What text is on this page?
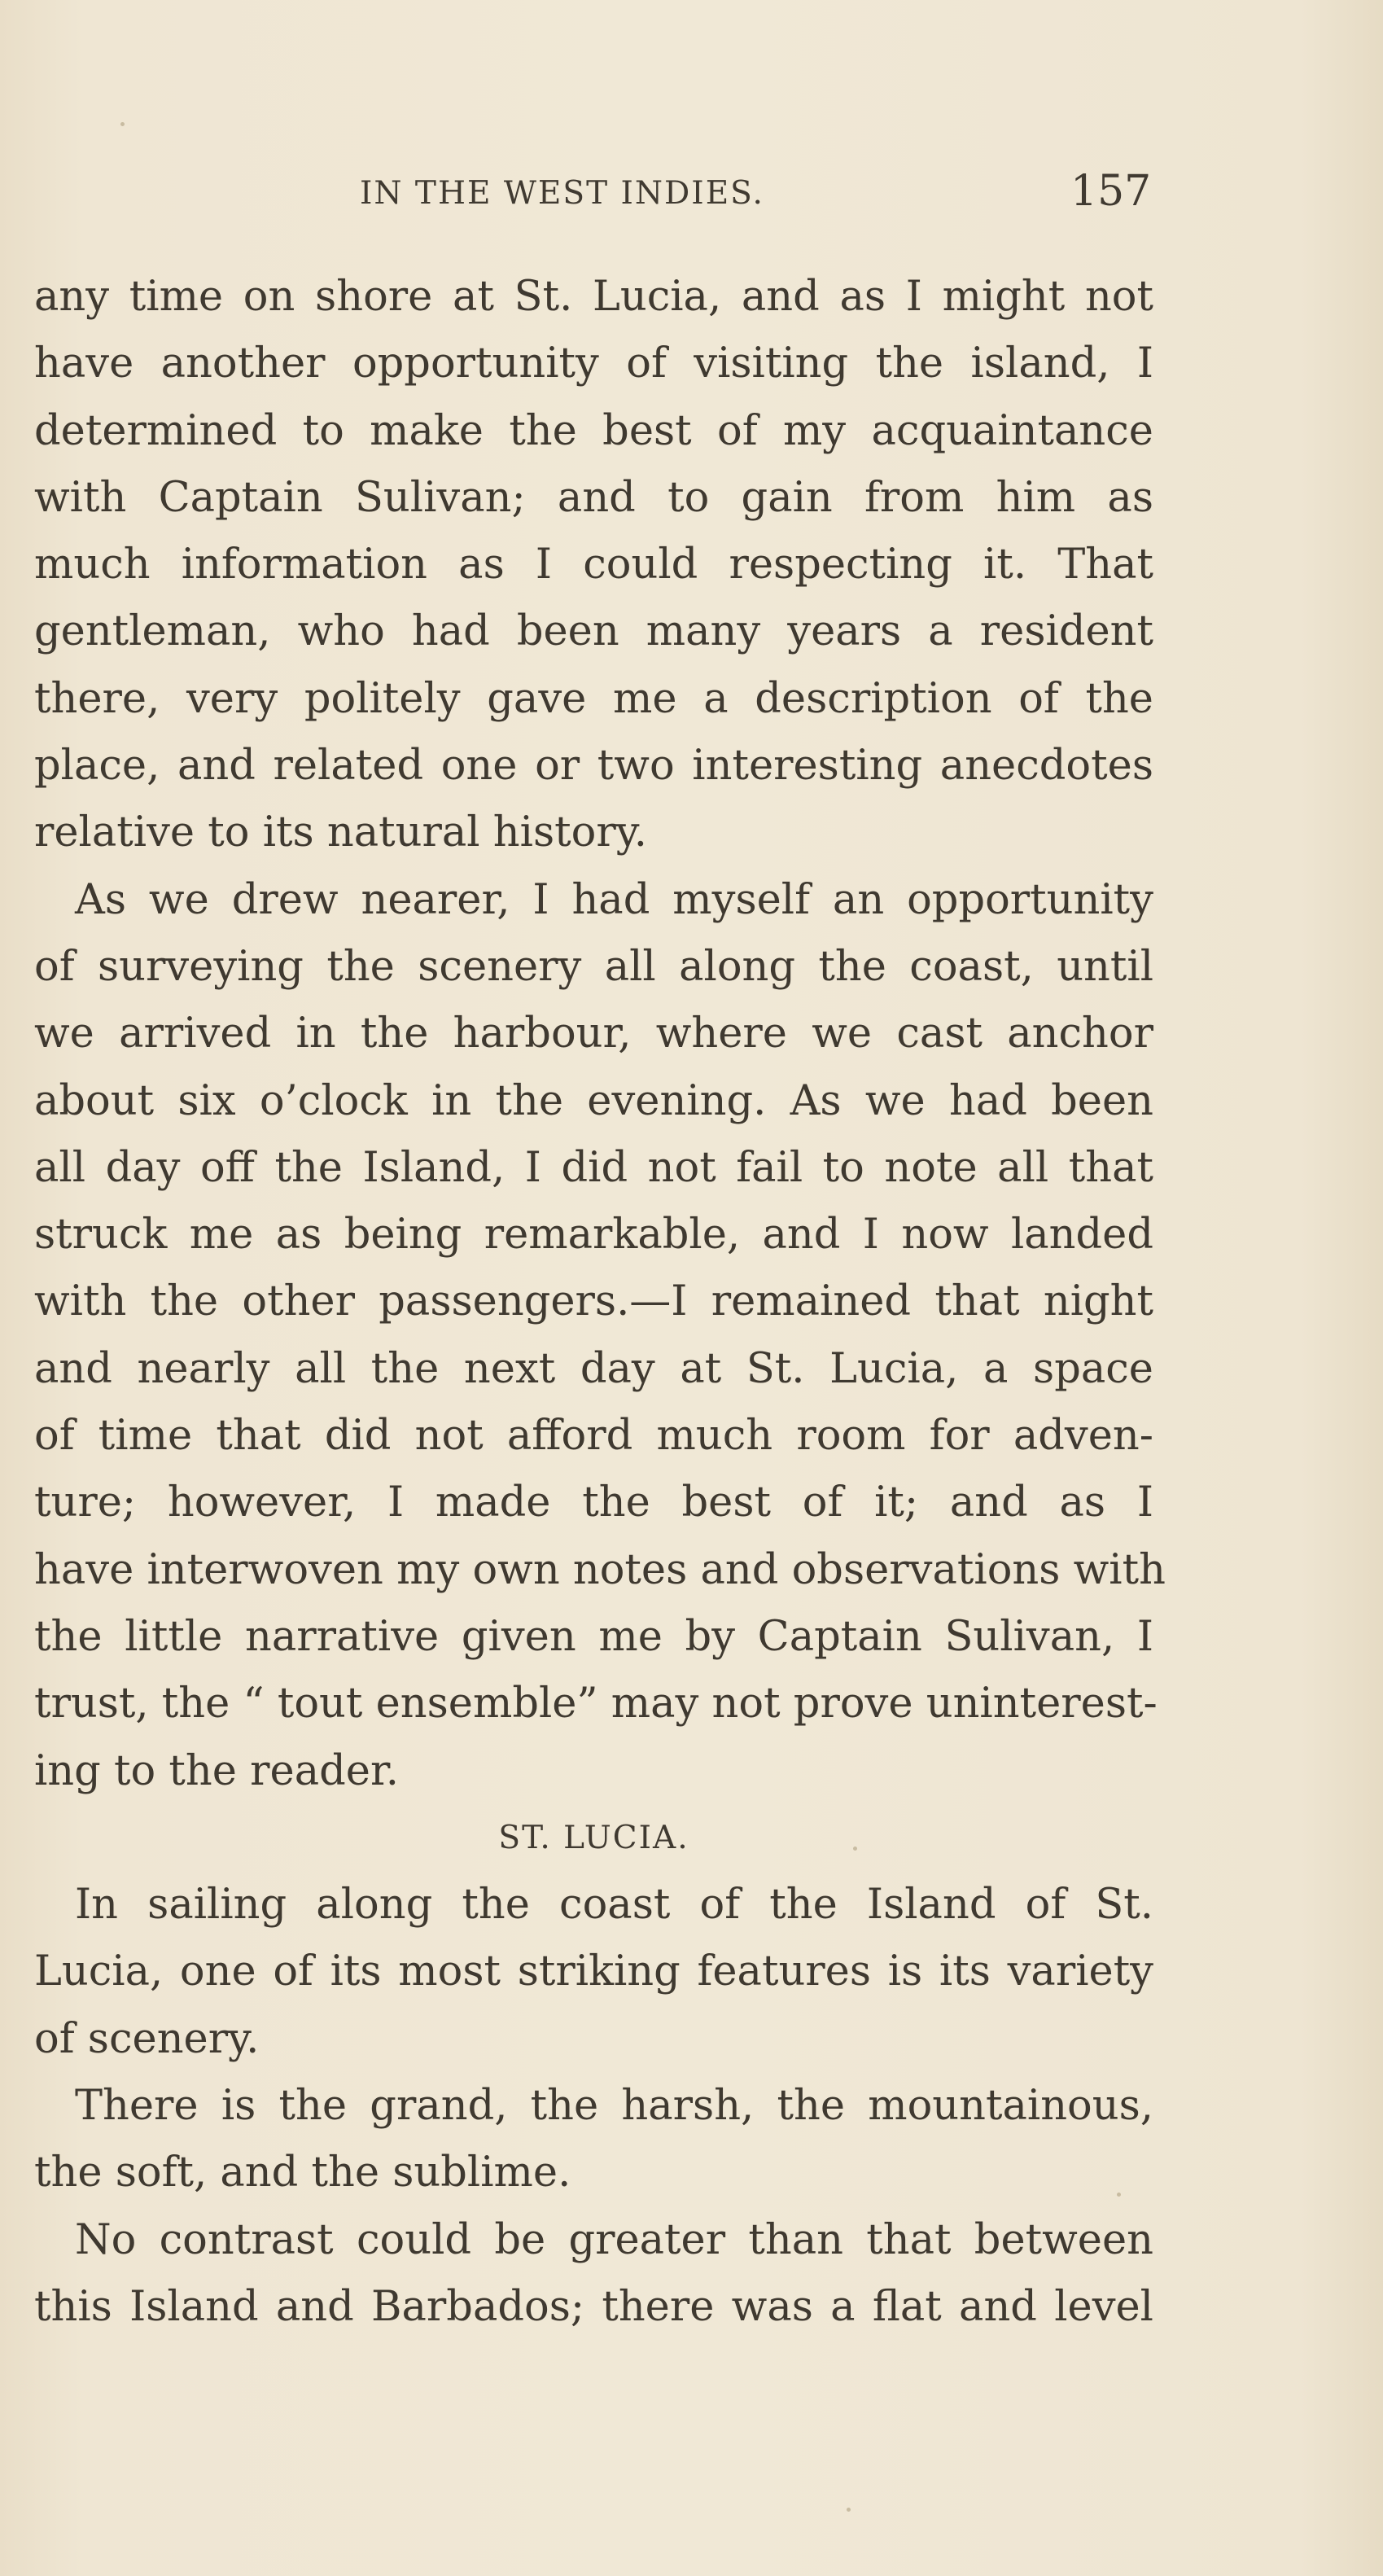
IN THE WEST INDIES.	157
any time on shore at St. Lucia, and as I might not
have another opportunity of visiting the island, I
determined to make the best of my acquaintance
with Captain Sulivan; and to gain from him as
much information as I could respecting it. That
gentleman, who had been many years a resident
there, very politely gave me a description of the
place, and related one or two interesting anecdotes
relative to its natural history.
As we drew nearer, I had myself an opportunity
of surveying the scenery all along the coast, until
we arrived in the harbour, where we cast anchor
about six o’clock in the evening. As we had been
all day off the Island, I did not fail to note all that
struck me as being remarkable, and I now landed
with the other passengers.—I remained that night
and nearly all the next day at St. Lucia, a space
of time that did not afford much room for adven-
ture; however, I made the best of it; and as I
have interwoven my own notes and observations with
the little narrative given me by Captain Sulivan, I
trust, the “ tout ensemble” may not prove uninterest-
ing to the reader.
ST. LUCIA.
In sailing along the coast of the Island of St.
Lucia, one of its most striking features is its variety
of scenery.
There is the grand, the harsh, the mountainous,
the soft, and the sublime.
No contrast could be greater than that between
this Island and Barbados; there was a flat and level
